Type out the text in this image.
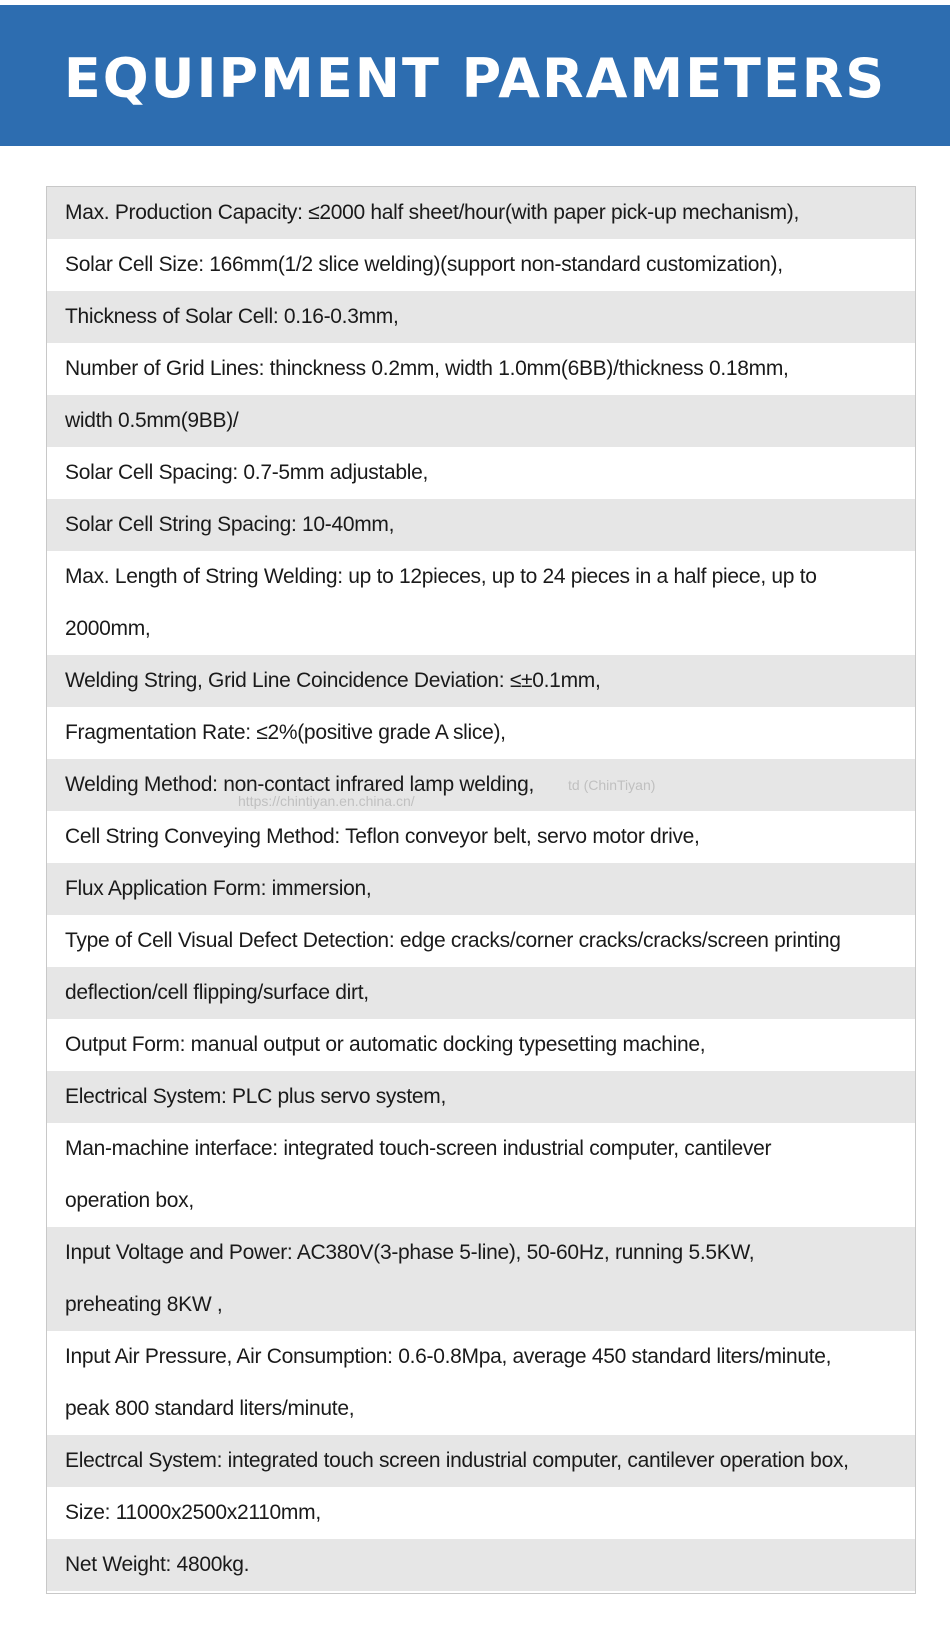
EQUIPMENT PARAMETERS
Max. Production Capacity: ≤2000 half sheet/hour(with paper pick-up mechanism),
Solar Cell Size: 166mm(1/2 slice welding)(support non-standard customization),
Thickness of Solar Cell: 0.16-0.3mm,
Number of Grid Lines: thinckness 0.2mm, width 1.0mm(6BB)/thickness 0.18mm,
width 0.5mm(9BB)/
Solar Cell Spacing: 0.7-5mm adjustable,
Solar Cell String Spacing: 10-40mm,
Max. Length of String Welding: up to 12pieces, up to 24 pieces in a half piece, up to
2000mm,
Welding String, Grid Line Coincidence Deviation: ≤±0.1mm,
Fragmentation Rate: ≤2%(positive grade A slice),
Welding Method: non-contact infrared lamp welding,
Cell String Conveying Method: Teflon conveyor belt, servo motor drive,
Flux Application Form: immersion,
Type of Cell Visual Defect Detection: edge cracks/corner cracks/cracks/screen printing
deflection/cell flipping/surface dirt,
Output Form: manual output or automatic docking typesetting machine,
Electrical System: PLC plus servo system,
Man-machine interface: integrated touch-screen industrial computer, cantilever
operation box,
Input Voltage and Power: AC380V(3-phase 5-line), 50-60Hz, running 5.5KW,
preheating 8KW ,
Input Air Pressure, Air Consumption: 0.6-0.8Mpa, average 450 standard liters/minute,
peak 800 standard liters/minute,
Electrcal System: integrated touch screen industrial computer, cantilever operation box,
Size: 11000x2500x2110mm,
Net Weight: 4800kg.
td (ChinTiyan)
https://chintiyan.en.china.cn/
